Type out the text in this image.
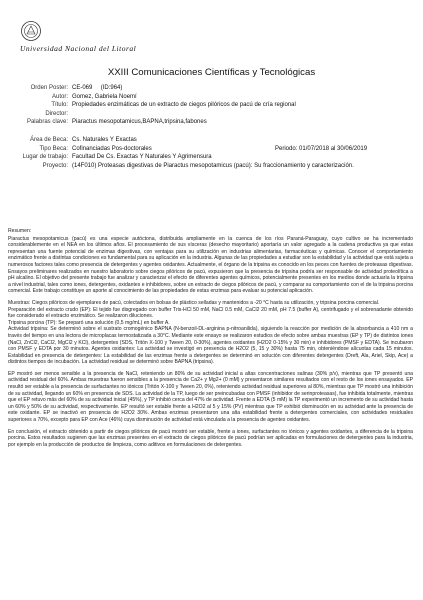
Universidad Nacional del Litoral
XXIII Comunicaciones Científicas y Tecnológicas
Orden Poster: CE-069 (ID:964)
Autor: Gomez, Gabriela Noemí
Título: Propiedades enzimáticas de un extracto de ciegos pilóricos de pacú de cría regional
Director:
Palabras clave: Piaractus mesopotamicus,BAPNA,tripsina,fabones
Área de Beca: Cs. Naturales Y Exactas
Tipo Beca: Cofinanciadas Pos-doctorales	Periodo: 01/07/2018 al 30/06/2019
Lugar de trabajo: Facultad De Cs. Exactas Y Naturales Y Agrimensura
Proyecto: (14F010) Proteasas digestivas de Piaractus mesopotamicus (pacú): Su fraccionamiento y caracterización.

Resumen:

Piaractus mesopotamicus (pacú) es una especie autóctona, distribuida ampliamente en la cuenca de los ríos Paraná-Paraguay, cuyo cultivo se ha incrementado considerablemente en el NEA en los últimos años. El procesamiento de sus vísceras (desecho mayoritario) aportaría un valor agregado a la cadena productiva ya que estas representan una fuente potencial de enzimas digestivas, con ventajas para su utilización en industrias alimentarias, farmacéuticas y químicas. Conocer el comportamiento enzimático frente a distintas condiciones es fundamental para su aplicación en la industria. Algunas de las propiedades a estudiar son la estabilidad y la actividad que está sujeta a numerosos factores tales como presencia de detergentes y agentes oxidantes. Actualmente, el órgano de la tripsina es conocido en los peces con fuentes de proteasas digestivas. Ensayos preliminares realizados en nuestro laboratorio sobre ciegos pilóricos de pacú, expusieron que la presencia de tripsina podría ser responsable de actividad proteolítica a pH alcalino. El objetivo del presente trabajo fue analizar y caracterizar el efecto de diferentes agentes químicos, potencialmente presentes en los medios donde actuaría la tripsina a nivel industrial, tales como iones, detergentes, oxidantes e inhibidores, sobre un extracto de ciegos pilóricos de pacú, y comparar su comportamiento con el de la tripsina porcina comercial. Este trabajo constituye un aporte al conocimiento de las propiedades de estas enzimas para evaluar su potencial aplicación.

Muestras: Ciegos pilóricos de ejemplares de pacú, colectados en bolsas de plástico selladas y mantenidos a -20 °C hasta su utilización, y tripsina porcina comercial.

Preparación del extracto crudo (EP): El tejido fue disgregado con buffer Tris-HCl 50 mM, NaCl 0.5 mM, CaCl2 20 mM, pH 7.5 (buffer A), centrifugado y el sobrenadante obtenido fue considerado el extracto enzimático. Se realizaron diluciones.

Tripsina porcina (TP): Se preparó una solución (0,5 mg/mL) en buffer A.

Actividad tripsina: Se determinó sobre el sustrato cromogénico BAPNA (N-benzoil-DL-arginina p-nitroanilida), siguiendo la reacción por medición de la absorbancia a 410 nm a través del tiempo en una lectora de microplacas termostatizada a 30°C. Mediante este ensayo se realizaron estudios de efecto sobre ambas muestras (EP y TP) de distintos iones (NaCl, ZnCl2, CaCl2, MgCl2 y KCl), detergentes (SDS, Tritón X-100 y Tween 20, 0-30%), agentes oxidantes (H2O2 0-15% y 30 min) e inhibidores (PMSF y EDTA). Se incubaron con PMSF y EDTA por 30 minutos. Agentes oxidantes: La actividad se investigó en presencia de H2O2 (5, 15 y 30%) hasta 75 min, obteniéndose alícuotas cada 15 minutos. Estabilidad en presencia de detergentes: La estabilidad de las enzimas frente a detergentes se determinó en solución con diferentes detergentes (Dreft, Ala, Ariel, Skip, Ace) a distintos tiempos de incubación. La actividad residual se determinó sobre BAPNA (tripsina).

EP mostró ser menos sensible a la presencia de NaCl, reteniendo un 80% de su actividad inicial a altas concentraciones salinas (30% p/v), mientras que TP presentó una actividad residual del 60%. Ambas muestras fueron sensibles a la presencia de Ca2+ y Mg2+ (0 mM) y presentaron similares resultados con el resto de los iones ensayados. EP resultó ser estable a la presencia de surfactantes no iónicos (Tritón X-100 y Tween 20, 0%), reteniendo actividad residual superiores al 80%, mientras que TP mostró una inhibición de su actividad, llegando un 60% en presencia de SDS. La actividad de la TP, luego de ser preincubadas con PMSF (inhibidor de serinproteasas), fue inhibida totalmente, mientras que el EP retuvo más del 60% de su actividad inicial (45%), y TP inhibió cerca del 47% de actividad. Frente a EDTA (5 mM) la TP experimentó un incremento de su actividad hasta un 60% y 50% de su actividad, respectivamente. EP resultó ser estable frente a H2O2 al 5 y 15% (PV) mientras que TP exhibió disminución en su actividad ante la presencia de este oxidante. EP se inactivó en presencia de H2O2 30%. Ambas enzimas presentaron una alta estabilidad frente a detergentes comerciales, con actividades residuales superiores a 70%, excepto para EP con Ace (46%) cuya disminución de actividad está vinculada a la presencia de agentes oxidantes.

En conclusión, el extracto obtenido a partir de ciegos pilóricos de pacú mostró ser estable, frente a iones, surfactantes no iónicos y agentes oxidantes, a diferencia de la tripsina porcina. Estos resultados sugieren que las enzimas presentes en el extracto de ciegos pilóricos de pacú podrían ser aplicadas en formulaciones de detergentes para la industria, por ejemplo en la producción de productos de limpieza, como aditivos en formulaciones de detergentes.
